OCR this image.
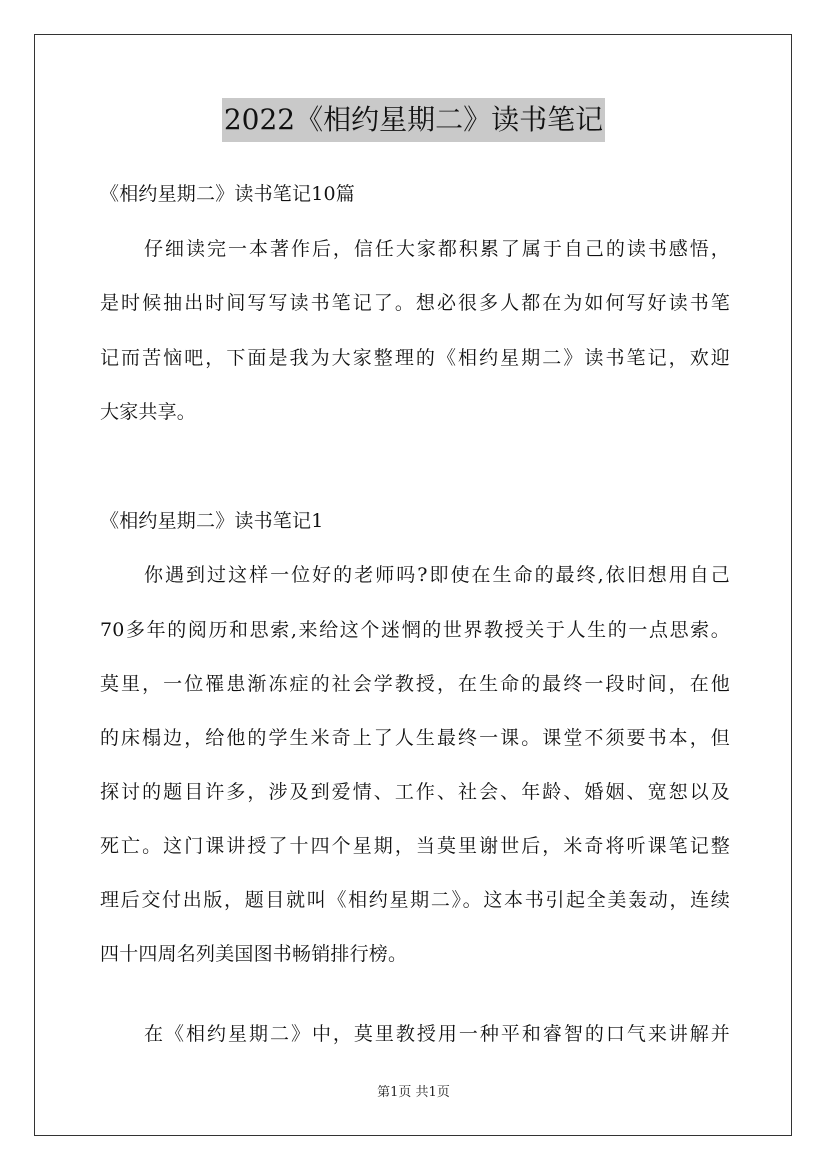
2022《相约星期二》读书笔记
《相约星期二》读书笔记10篇
仔细读完一本著作后，信任大家都积累了属于自己的读书感悟，
是时候抽出时间写写读书笔记了。想必很多人都在为如何写好读书笔
记而苦恼吧，下面是我为大家整理的《相约星期二》读书笔记，欢迎
大家共享。
《相约星期二》读书笔记1
你遇到过这样一位好的老师吗?即使在生命的最终,依旧想用自己
70多年的阅历和思索,来给这个迷惘的世界教授关于人生的一点思索。
莫里，一位罹患渐冻症的社会学教授，在生命的最终一段时间，在他
的床榻边，给他的学生米奇上了人生最终一课。课堂不须要书本，但
探讨的题目许多，涉及到爱情、工作、社会、年龄、婚姻、宽恕以及
死亡。这门课讲授了十四个星期，当莫里谢世后，米奇将听课笔记整
理后交付出版，题目就叫《相约星期二》。这本书引起全美轰动，连续
四十四周名列美国图书畅销排行榜。
在《相约星期二》中，莫里教授用一种平和睿智的口气来讲解并
第1页 共1页
